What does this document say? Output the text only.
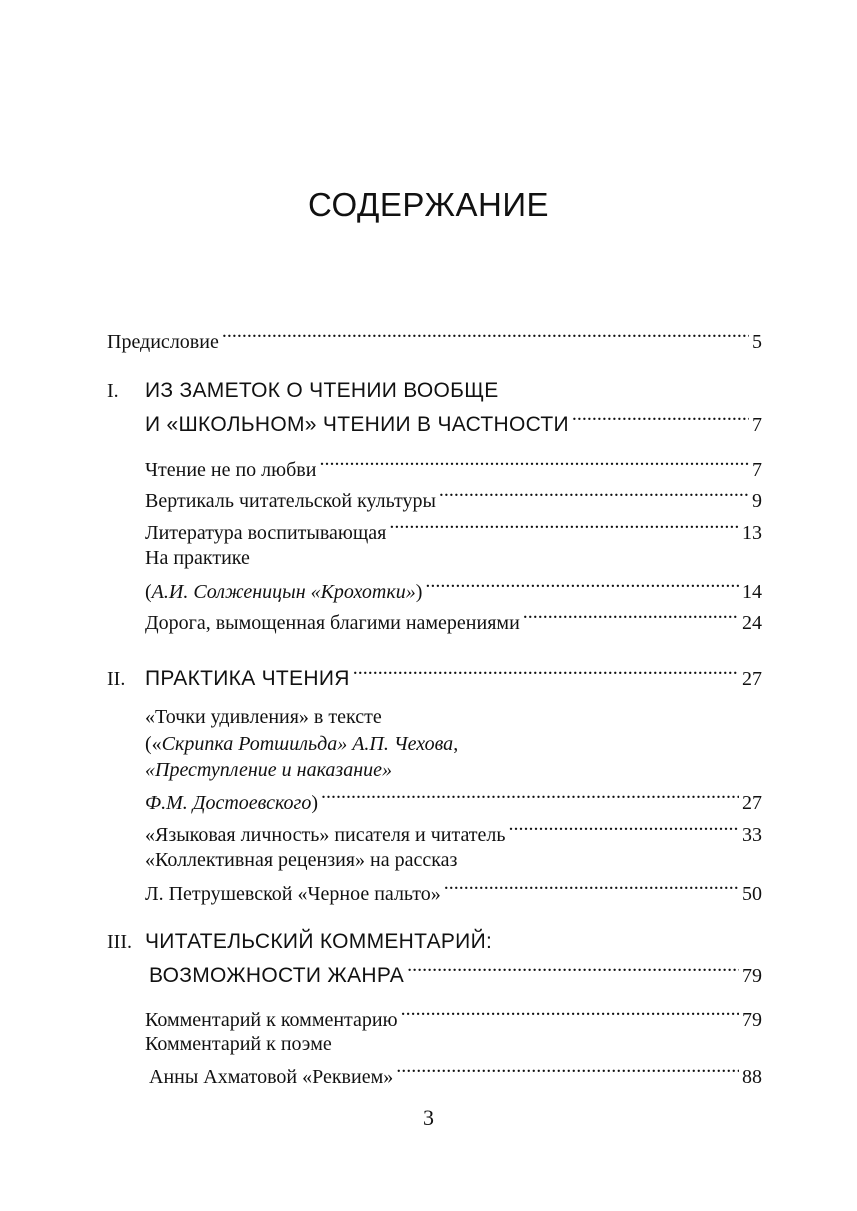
СОДЕРЖАНИЕ
Предисловие .....	5
I.	ИЗ ЗАМЕТОК О ЧТЕНИИ ВООБЩЕ
И «ШКОЛЬНОМ» ЧТЕНИИ В ЧАСТНОСТИ .....	7
Чтение не по любви .....	7
Вертикаль читательской культуры .....	9
Литература воспитывающая .....	13
На практике
(А.И. Солженицын «Крохотки») .....	14
Дорога, вымощенная благими намерениями .....	24
II. ПРАКТИКА ЧТЕНИЯ .....	27
«Точки удивления» в тексте
(«Скрипка Ротшильда» А.П. Чехова,
«Преступление и наказание»
Ф.М. Достоевского) .....	27
«Языковая личность» писателя и читатель .....	33
«Коллективная рецензия» на рассказ
Л. Петрушевской «Черное пальто» .....	50
III. ЧИТАТЕЛЬСКИЙ КОММЕНТАРИЙ:
ВОЗМОЖНОСТИ ЖАНРА .....	79
Комментарий к комментарию .....	79
Комментарий к поэме
Анны Ахматовой «Реквием» .....	88
3
